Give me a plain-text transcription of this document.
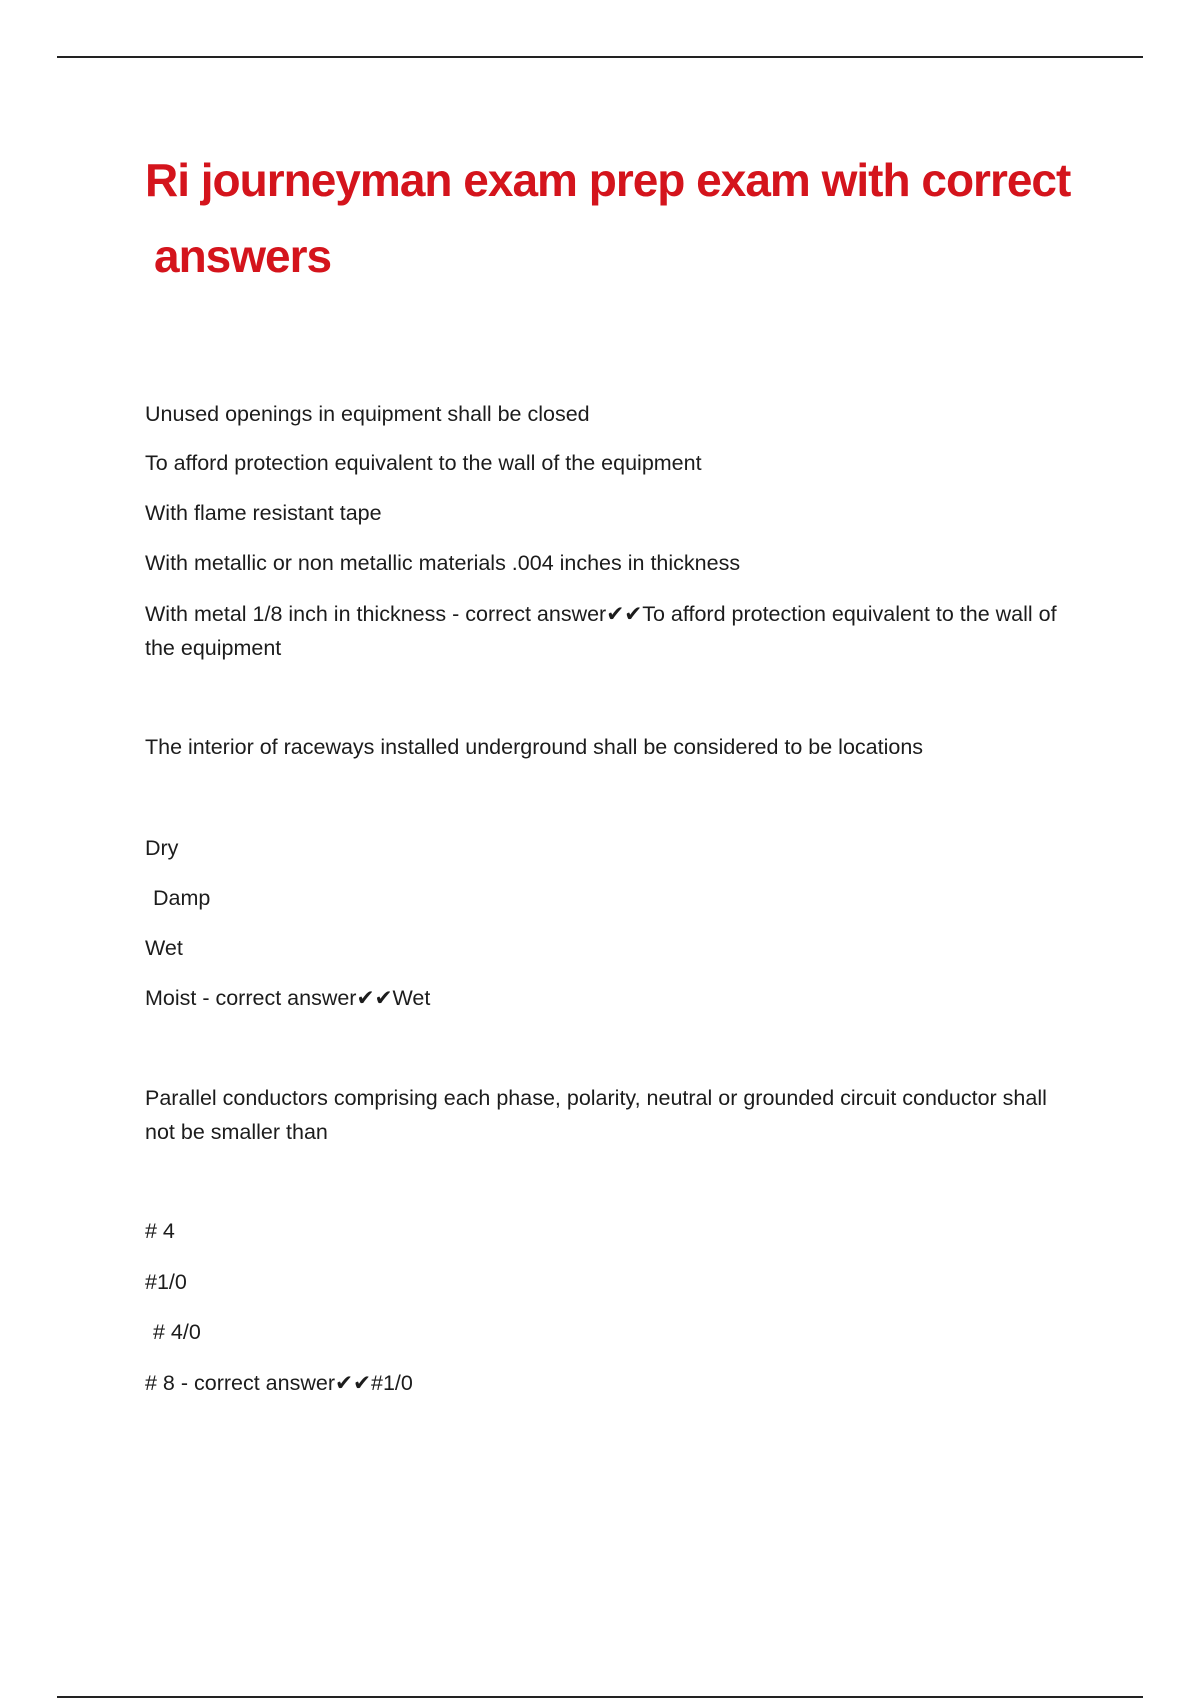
Ri journeyman exam prep exam with correct
answers

Unused openings in equipment shall be closed

To afford protection equivalent to the wall of the equipment

With flame resistant tape

With metallic or non metallic materials .004 inches in thickness

With metal 1/8 inch in thickness - correct answer✔✔To afford protection equivalent to the wall of the equipment

The interior of raceways installed underground shall be considered to be locations

Dry

Damp

Wet

Moist - correct answer✔✔Wet

Parallel conductors comprising each phase, polarity, neutral or grounded circuit conductor shall not be smaller than

# 4

#1/0

# 4/0

# 8 - correct answer✔✔#1/0
